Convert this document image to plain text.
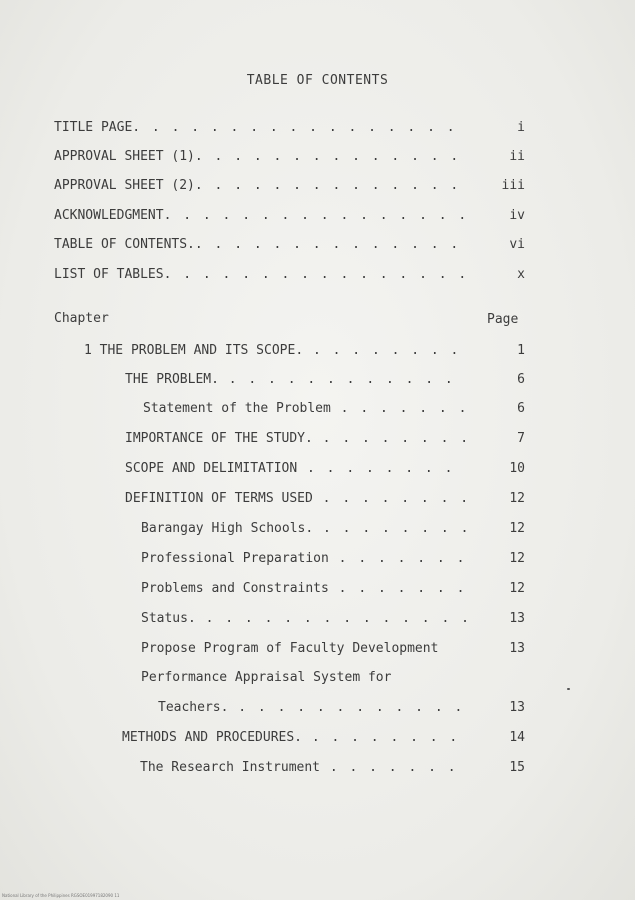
TABLE OF CONTENTS
TITLE PAGE. . . . . . . . . . . . . . . . .	i
APPROVAL SHEET (1). . . . . . . . . . . . . .	ii
APPROVAL SHEET (2). . . . . . . . . . . . . .	iii
ACKNOWLEDGMENT. . . . . . . . . . . . . . . .	iv
TABLE OF CONTENTS.. . . . . . . . . . . . . .	vi
LIST OF TABLES. . . . . . . . . . . . . . . .	x
Chapter	Page
1 THE PROBLEM AND ITS SCOPE. . . . . . . . .	1
THE PROBLEM. . . . . . . . . . . . .	6
Statement of the Problem . . . . . . .	6
IMPORTANCE OF THE STUDY. . . . . . . . .	7
SCOPE AND DELIMITATION . . . . . . . .	10
DEFINITION OF TERMS USED . . . . . . . .	12
Barangay High Schools. . . . . . . . .	12
Professional Preparation . . . . . . .	12
Problems and Constraints . . . . . . .	12
Status. . . . . . . . . . . . . . .	13
Propose Program of Faculty Development	13
Performance Appraisal System for
Teachers. . . . . . . . . . . . .	13
METHODS AND PROCEDURES. . . . . . . . .	14
The Research Instrument . . . . . . .	15
National Library of the Philippines RGSOE01997182090 11
